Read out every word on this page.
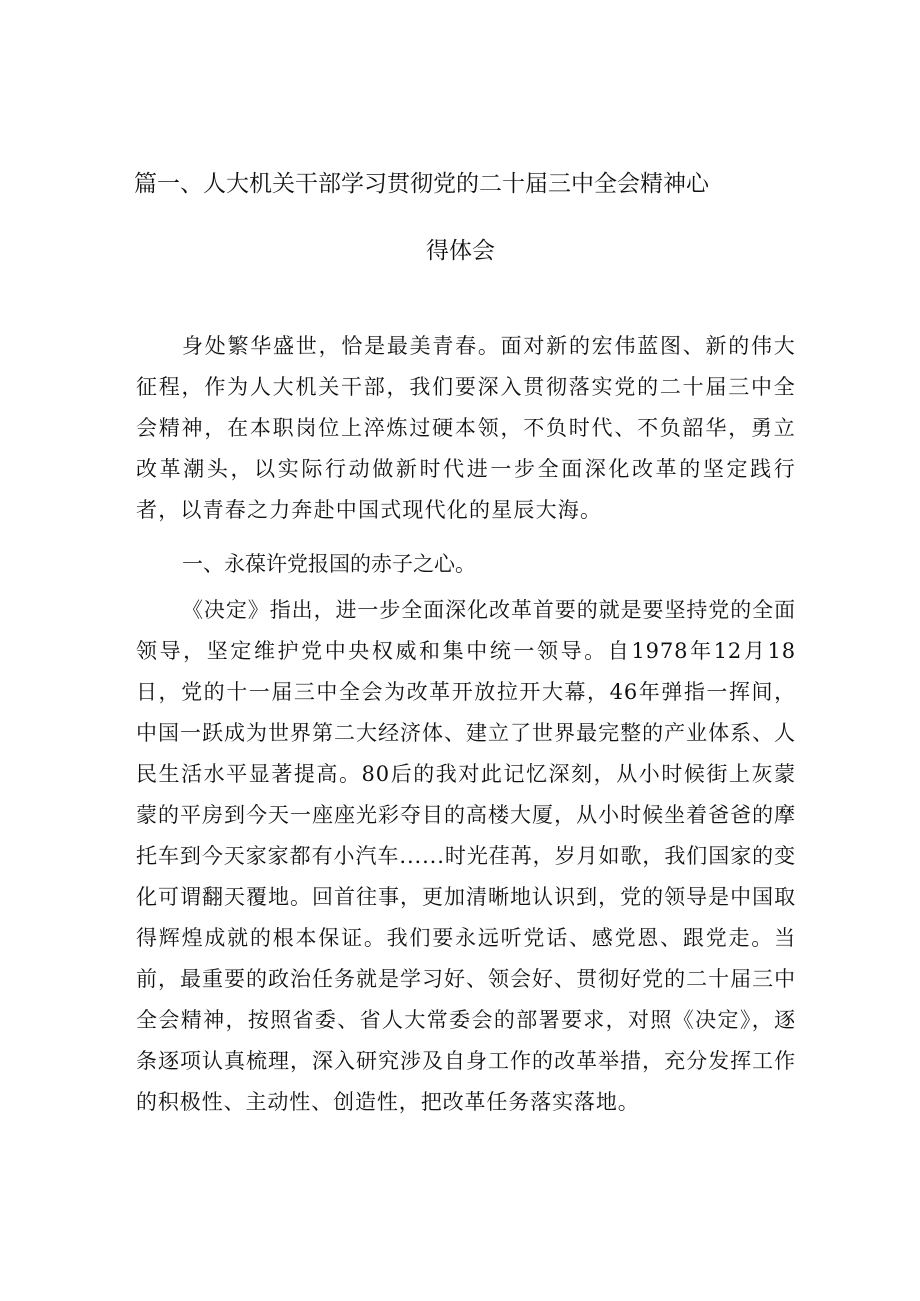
篇一、人大机关干部学习贯彻党的二十届三中全会精神心
得体会

身处繁华盛世，恰是最美青春。面对新的宏伟蓝图、新的伟大征程，作为人大机关干部，我们要深入贯彻落实党的二十届三中全会精神，在本职岗位上淬炼过硬本领，不负时代、不负韶华，勇立改革潮头，以实际行动做新时代进一步全面深化改革的坚定践行者，以青春之力奔赴中国式现代化的星辰大海。

一、永葆许党报国的赤子之心。

《决定》指出，进一步全面深化改革首要的就是要坚持党的全面领导，坚定维护党中央权威和集中统一领导。自1978年12月18日，党的十一届三中全会为改革开放拉开大幕，46年弹指一挥间，中国一跃成为世界第二大经济体、建立了世界最完整的产业体系、人民生活水平显著提高。80后的我对此记忆深刻，从小时候街上灰蒙蒙的平房到今天一座座光彩夺目的高楼大厦，从小时候坐着爸爸的摩托车到今天家家都有小汽车......时光荏苒，岁月如歌，我们国家的变化可谓翻天覆地。回首往事，更加清晰地认识到，党的领导是中国取得辉煌成就的根本保证。我们要永远听党话、感党恩、跟党走。当前，最重要的政治任务就是学习好、领会好、贯彻好党的二十届三中全会精神，按照省委、省人大常委会的部署要求，对照《决定》，逐条逐项认真梳理，深入研究涉及自身工作的改革举措，充分发挥工作的积极性、主动性、创造性，把改革任务落实落地。
